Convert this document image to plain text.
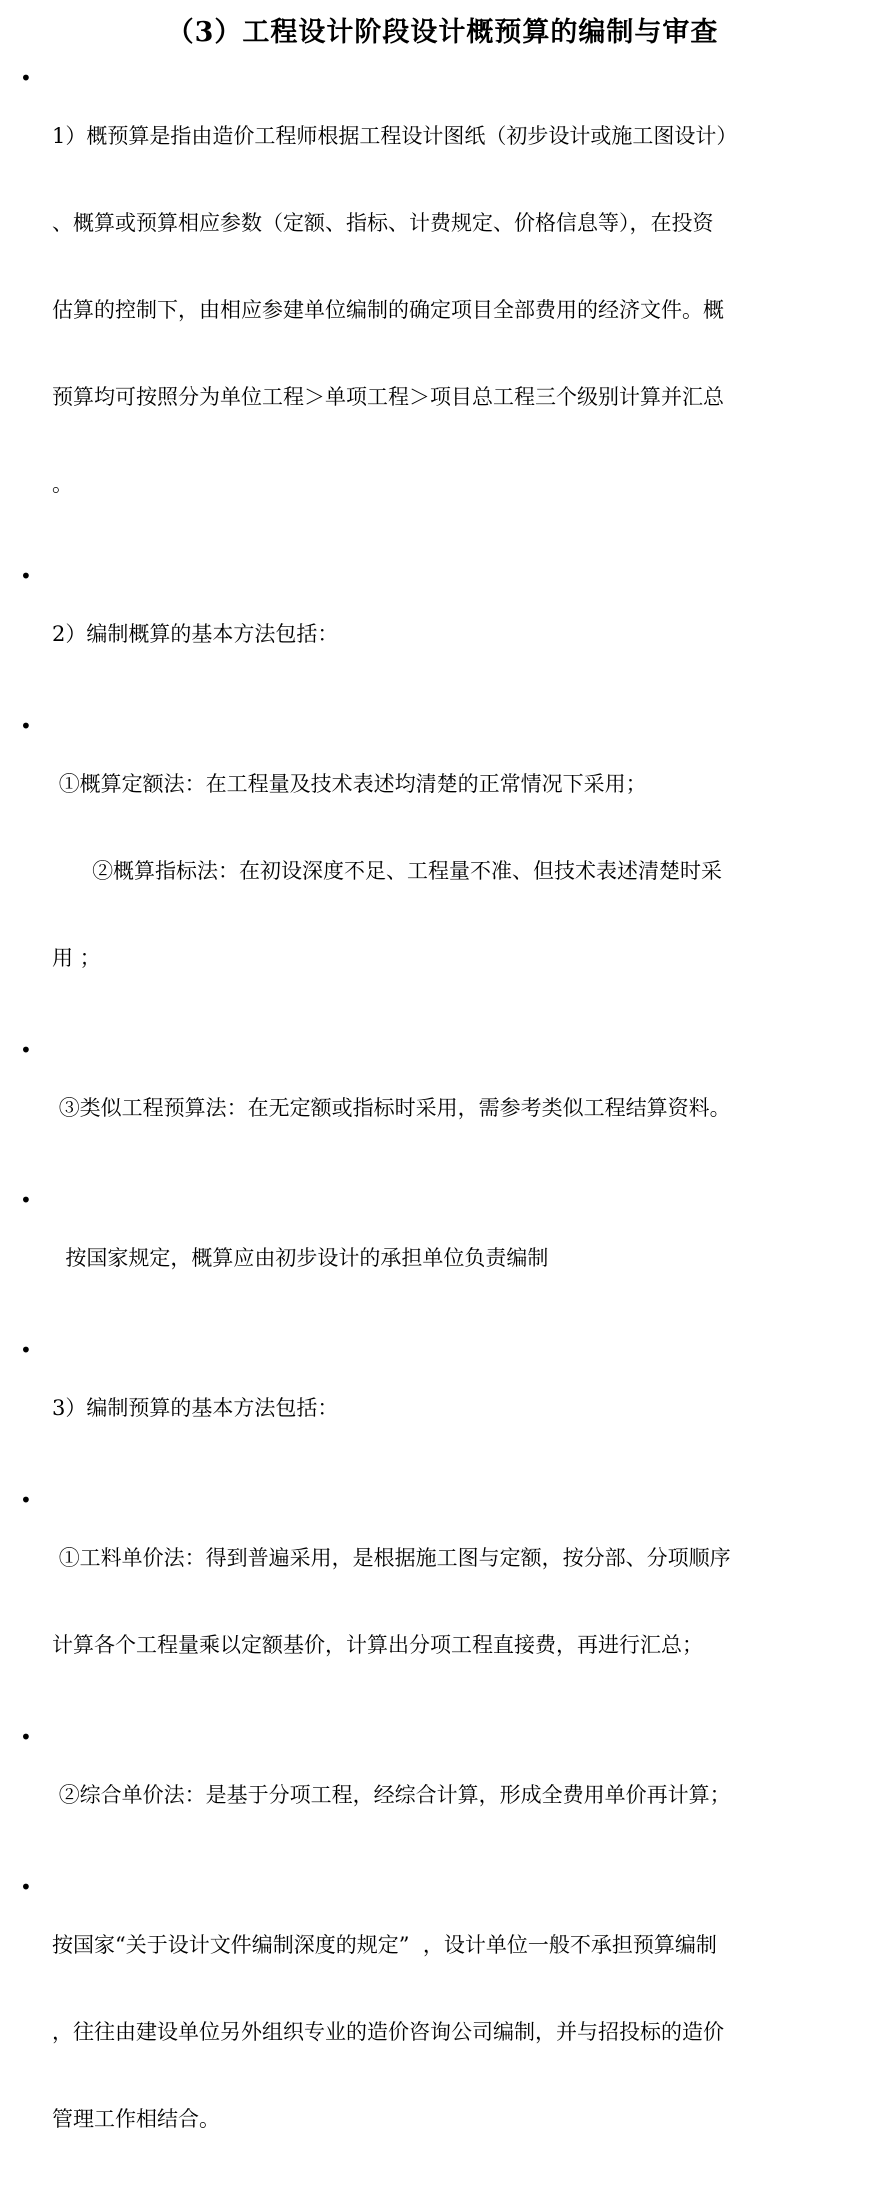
（3）工程设计阶段设计概预算的编制与审查
•

1）概预算是指由造价工程师根据工程设计图纸（初步设计或施工图设计）

、概算或预算相应参数（定额、指标、计费规定、价格信息等），在投资

估算的控制下，由相应参建单位编制的确定项目全部费用的经济文件。概

预算均可按照分为单位工程＞单项工程＞项目总工程三个级别计算并汇总

。

•

2）编制概算的基本方法包括：

•

①概算定额法：在工程量及技术表述均清楚的正常情况下采用；

②概算指标法：在初设深度不足、工程量不准、但技术表述清楚时采

用 ；

•

③类似工程预算法：在无定额或指标时采用，需参考类似工程结算资料。

•

按国家规定，概算应由初步设计的承担单位负责编制

•

3）编制预算的基本方法包括：

•

①工料单价法：得到普遍采用，是根据施工图与定额，按分部、分项顺序

计算各个工程量乘以定额基价，计算出分项工程直接费，再进行汇总；

•

②综合单价法：是基于分项工程，经综合计算，形成全费用单价再计算；

•

按国家“关于设计文件编制深度的规定”  ，设计单位一般不承担预算编制

，往往由建设单位另外组织专业的造价咨询公司编制，并与招投标的造价

管理工作相结合。
